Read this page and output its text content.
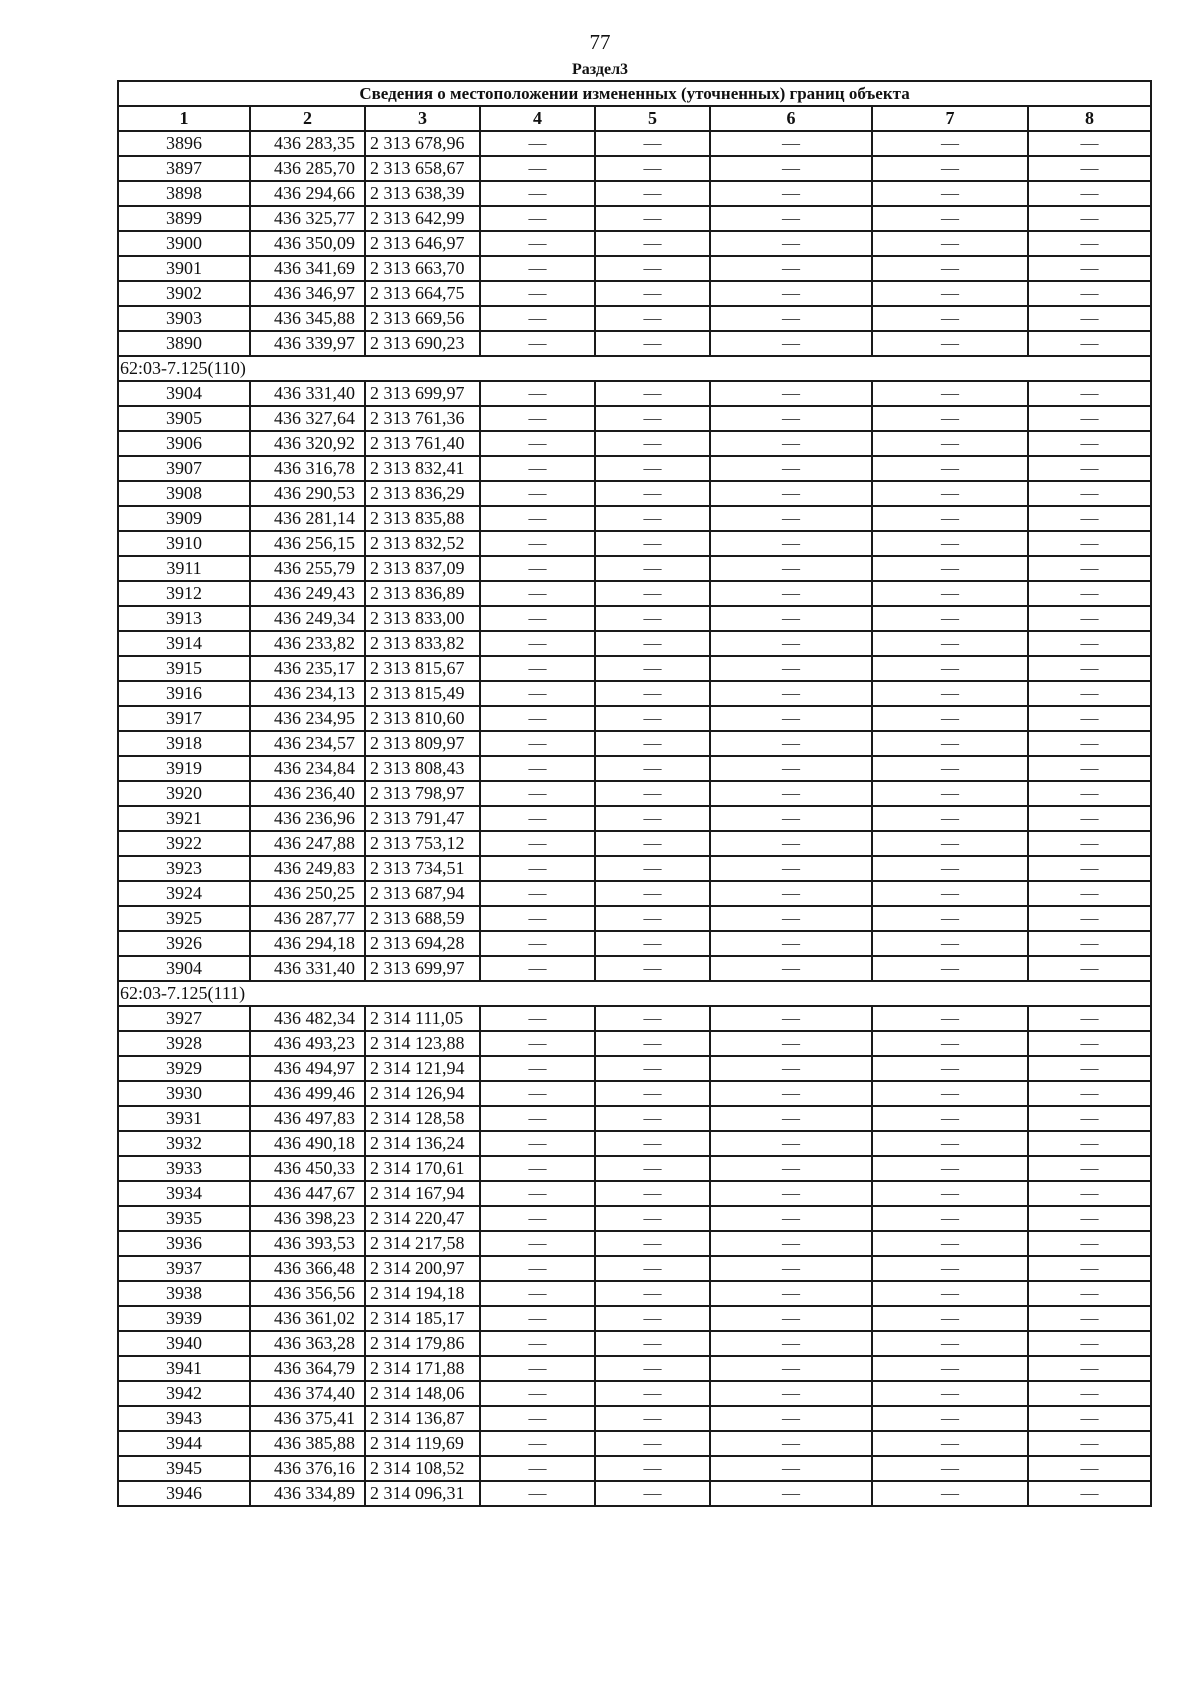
77
Раздел3
Сведения о местоположении измененных (уточненных) границ объекта							
1	2	3	4	5	6	7	8
3896	436 283,35	2 313 678,96	—	—	—	—	—
3897	436 285,70	2 313 658,67	—	—	—	—	—
3898	436 294,66	2 313 638,39	—	—	—	—	—
3899	436 325,77	2 313 642,99	—	—	—	—	—
3900	436 350,09	2 313 646,97	—	—	—	—	—
3901	436 341,69	2 313 663,70	—	—	—	—	—
3902	436 346,97	2 313 664,75	—	—	—	—	—
3903	436 345,88	2 313 669,56	—	—	—	—	—
3890	436 339,97	2 313 690,23	—	—	—	—	—
62:03-7.125(110)							
3904	436 331,40	2 313 699,97	—	—	—	—	—
3905	436 327,64	2 313 761,36	—	—	—	—	—
3906	436 320,92	2 313 761,40	—	—	—	—	—
3907	436 316,78	2 313 832,41	—	—	—	—	—
3908	436 290,53	2 313 836,29	—	—	—	—	—
3909	436 281,14	2 313 835,88	—	—	—	—	—
3910	436 256,15	2 313 832,52	—	—	—	—	—
3911	436 255,79	2 313 837,09	—	—	—	—	—
3912	436 249,43	2 313 836,89	—	—	—	—	—
3913	436 249,34	2 313 833,00	—	—	—	—	—
3914	436 233,82	2 313 833,82	—	—	—	—	—
3915	436 235,17	2 313 815,67	—	—	—	—	—
3916	436 234,13	2 313 815,49	—	—	—	—	—
3917	436 234,95	2 313 810,60	—	—	—	—	—
3918	436 234,57	2 313 809,97	—	—	—	—	—
3919	436 234,84	2 313 808,43	—	—	—	—	—
3920	436 236,40	2 313 798,97	—	—	—	—	—
3921	436 236,96	2 313 791,47	—	—	—	—	—
3922	436 247,88	2 313 753,12	—	—	—	—	—
3923	436 249,83	2 313 734,51	—	—	—	—	—
3924	436 250,25	2 313 687,94	—	—	—	—	—
3925	436 287,77	2 313 688,59	—	—	—	—	—
3926	436 294,18	2 313 694,28	—	—	—	—	—
3904	436 331,40	2 313 699,97	—	—	—	—	—
62:03-7.125(111)							
3927	436 482,34	2 314 111,05	—	—	—	—	—
3928	436 493,23	2 314 123,88	—	—	—	—	—
3929	436 494,97	2 314 121,94	—	—	—	—	—
3930	436 499,46	2 314 126,94	—	—	—	—	—
3931	436 497,83	2 314 128,58	—	—	—	—	—
3932	436 490,18	2 314 136,24	—	—	—	—	—
3933	436 450,33	2 314 170,61	—	—	—	—	—
3934	436 447,67	2 314 167,94	—	—	—	—	—
3935	436 398,23	2 314 220,47	—	—	—	—	—
3936	436 393,53	2 314 217,58	—	—	—	—	—
3937	436 366,48	2 314 200,97	—	—	—	—	—
3938	436 356,56	2 314 194,18	—	—	—	—	—
3939	436 361,02	2 314 185,17	—	—	—	—	—
3940	436 363,28	2 314 179,86	—	—	—	—	—
3941	436 364,79	2 314 171,88	—	—	—	—	—
3942	436 374,40	2 314 148,06	—	—	—	—	—
3943	436 375,41	2 314 136,87	—	—	—	—	—
3944	436 385,88	2 314 119,69	—	—	—	—	—
3945	436 376,16	2 314 108,52	—	—	—	—	—
3946	436 334,89	2 314 096,31	—	—	—	—	—
